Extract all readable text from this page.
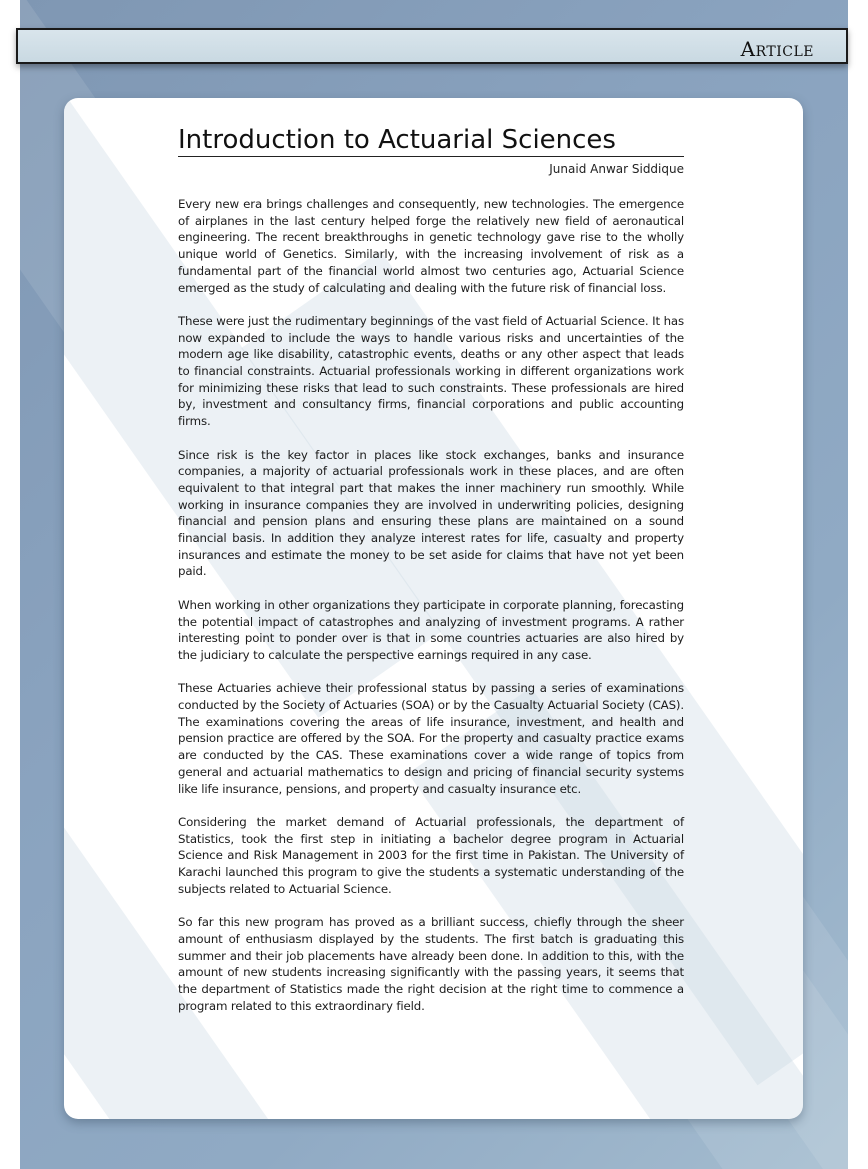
Article
Introduction to Actuarial Sciences
Junaid Anwar Siddique

Every new era brings challenges and consequently, new technologies. The emergence of airplanes in the last century helped forge the relatively new field of aeronautical engineering. The recent breakthroughs in genetic technology gave rise to the wholly unique world of Genetics. Similarly, with the increasing involvement of risk as a fundamental part of the financial world almost two centuries ago, Actuarial Science emerged as the study of calculating and dealing with the future risk of financial loss.

These were just the rudimentary beginnings of the vast field of Actuarial Science. It has now expanded to include the ways to handle various risks and uncertainties of the modern age like disability, catastrophic events, deaths or any other aspect that leads to financial constraints. Actuarial professionals working in different organizations work for minimizing these risks that lead to such constraints. These professionals are hired by, investment and consultancy firms, financial corporations and public accounting firms.

Since risk is the key factor in places like stock exchanges, banks and insurance companies, a majority of actuarial professionals work in these places, and are often equivalent to that integral part that makes the inner machinery run smoothly. While working in insurance companies they are involved in underwriting policies, designing financial and pension plans and ensuring these plans are maintained on a sound financial basis. In addition they analyze interest rates for life, casualty and property insurances and estimate the money to be set aside for claims that have not yet been paid.

When working in other organizations they participate in corporate planning, forecasting the potential impact of catastrophes and analyzing of investment programs. A rather interesting point to ponder over is that in some countries actuaries are also hired by the judiciary to calculate the perspective earnings required in any case.

These Actuaries achieve their professional status by passing a series of examinations conducted by the Society of Actuaries (SOA) or by the Casualty Actuarial Society (CAS). The examinations covering the areas of life insurance, investment, and health and pension practice are offered by the SOA. For the property and casualty practice exams are conducted by the CAS. These examinations cover a wide range of topics from general and actuarial mathematics to design and pricing of financial security systems like life insurance, pensions, and property and casualty insurance etc.

Considering the market demand of Actuarial professionals, the department of Statistics, took the first step in initiating a bachelor degree program in Actuarial Science and Risk Management in 2003 for the first time in Pakistan. The University of Karachi launched this program to give the students a systematic understanding of the subjects related to Actuarial Science.

So far this new program has proved as a brilliant success, chiefly through the sheer amount of enthusiasm displayed by the students. The first batch is graduating this summer and their job placements have already been done. In addition to this, with the amount of new students increasing significantly with the passing years, it seems that the department of Statistics made the right decision at the right time to commence a program related to this extraordinary field.
